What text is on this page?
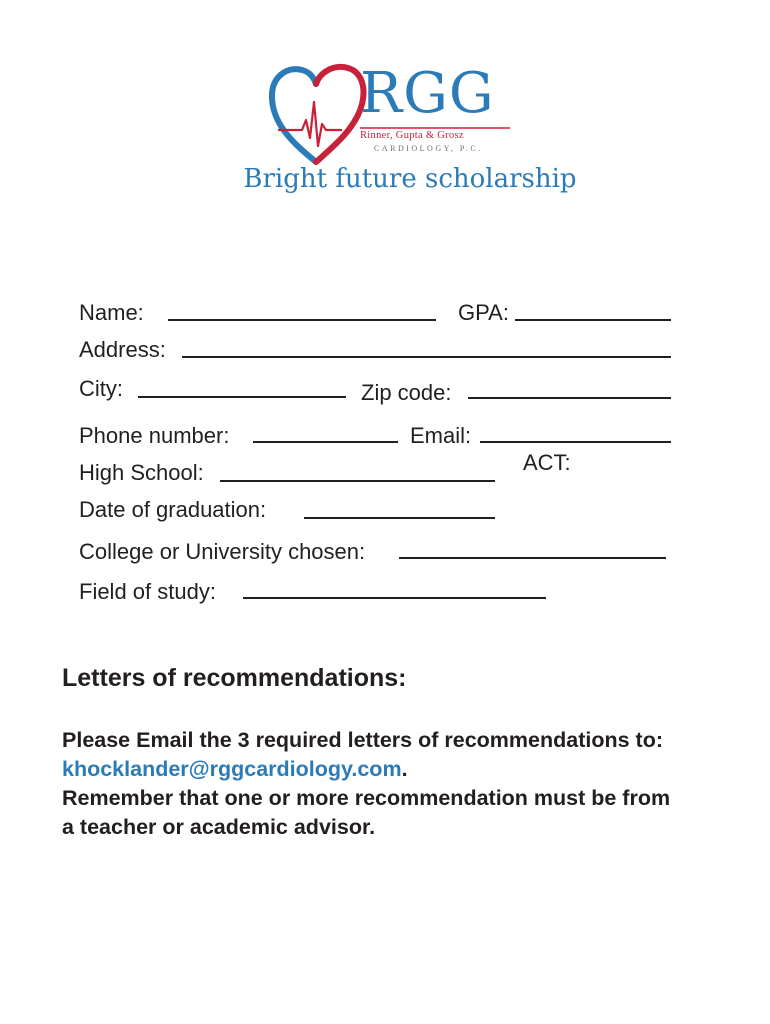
RGG
Rinner, Gupta & Grosz
CARDIOLOGY, P.C.
Bright future scholarship
Name:	GPA:
Address:
City:	Zip code:
Phone number:	Email:
ACT:
High School:
Date of graduation:
College or University chosen:
Field of study:
Letters of recommendations:
Please Email the 3 required letters of recommendations to:
khocklander@rggcardiology.com.
Remember that one or more recommendation must be from a teacher or academic advisor.
